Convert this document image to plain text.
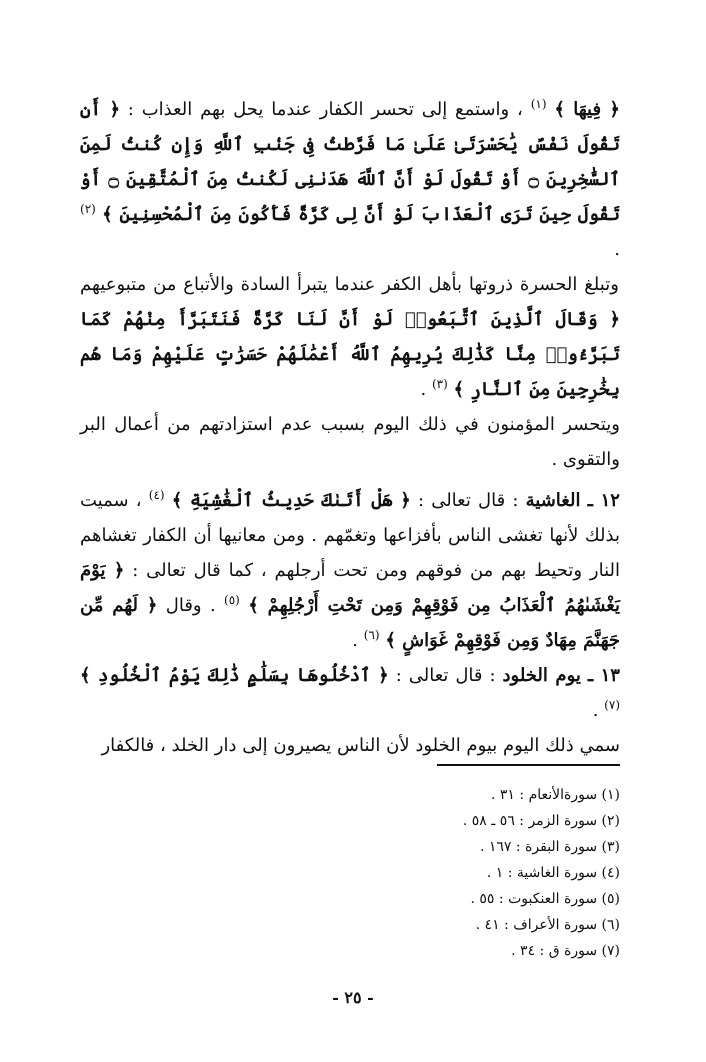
﴿ فِيهَا ﴾ $^{(١)}$ ، واستمع إلى تحسر الكفار عندما يحل بهم العذاب : ﴿ أَن تَقُولَ نَفْسٌ يَٰحَسْرَتَىٰ عَلَىٰ مَا فَرَّطتُ فِى جَنۢبِ ٱللَّهِ وَإِن كُنتُ لَمِنَ ٱلسَّٰخِرِينَ ۝ أَوْ تَقُولَ لَوْ أَنَّ ٱللَّهَ هَدَىٰنِى لَكُنتُ مِنَ ٱلْمُتَّقِينَ ۝ أَوْ تَقُولَ حِينَ تَرَى ٱلْعَذَابَ لَوْ أَنَّ لِى كَرَّةً فَأَكُونَ مِنَ ٱلْمُحْسِنِينَ ﴾ $^{(٢)}$ .

وتبلغ الحسرة ذروتها بأهل الكفر عندما يتبرأ السادة والأتباع من متبوعيهم ﴿ وَقَالَ ٱلَّذِينَ ٱتَّبَعُوا۟ لَوْ أَنَّ لَنَا كَرَّةً فَنَتَبَرَّأَ مِنْهُمْ كَمَا تَبَرَّءُوا۟ مِنَّا كَذَٰلِكَ يُرِيهِمُ ٱللَّهُ أَعْمَٰلَهُمْ حَسَرَٰتٍ عَلَيْهِمْ وَمَا هُم بِخَٰرِجِينَ مِنَ ٱلنَّارِ ﴾ $^{(٣)}$ .

ويتحسر المؤمنون في ذلك اليوم بسبب عدم استزادتهم من أعمال البر والتقوى .

١٢ ـ الغاشية : قال تعالى : ﴿ هَلْ أَتَىٰكَ حَدِيثُ ٱلْغَٰشِيَةِ ﴾ $^{(٤)}$ ، سميت بذلك لأنها تغشى الناس بأفزاعها وتغمّهم . ومن معانيها أن الكفار تغشاهم النار وتحيط بهم من فوقهم ومن تحت أرجلهم ، كما قال تعالى : ﴿ يَوْمَ يَغْشَىٰهُمُ ٱلْعَذَابُ مِن فَوْقِهِمْ وَمِن تَحْتِ أَرْجُلِهِمْ ﴾ $^{(٥)}$ . وقال ﴿ لَهُم مِّن جَهَنَّمَ مِهَادٌ وَمِن فَوْقِهِمْ غَوَاشٍ ﴾ $^{(٦)}$ .

١٣ ـ يوم الخلود : قال تعالى : ﴿ ٱدْخُلُوهَا بِسَلَٰمٍ ذَٰلِكَ يَوْمُ ٱلْخُلُودِ ﴾ $^{(٧)}$ .

سمي ذلك اليوم بيوم الخلود لأن الناس يصيرون إلى دار الخلد ، فالكفار

(١) سورةالأنعام : ٣١ .
(٢) سورة الزمر : ٥٦ ـ ٥٨ .
(٣) سورة البقرة : ١٦٧ .
(٤) سورة الغاشية : ١ .
(٥) سورة العنكبوت : ٥٥ .
(٦) سورة الأعراف : ٤١ .
(٧) سورة ق : ٣٤ .
- ٢٥ -
